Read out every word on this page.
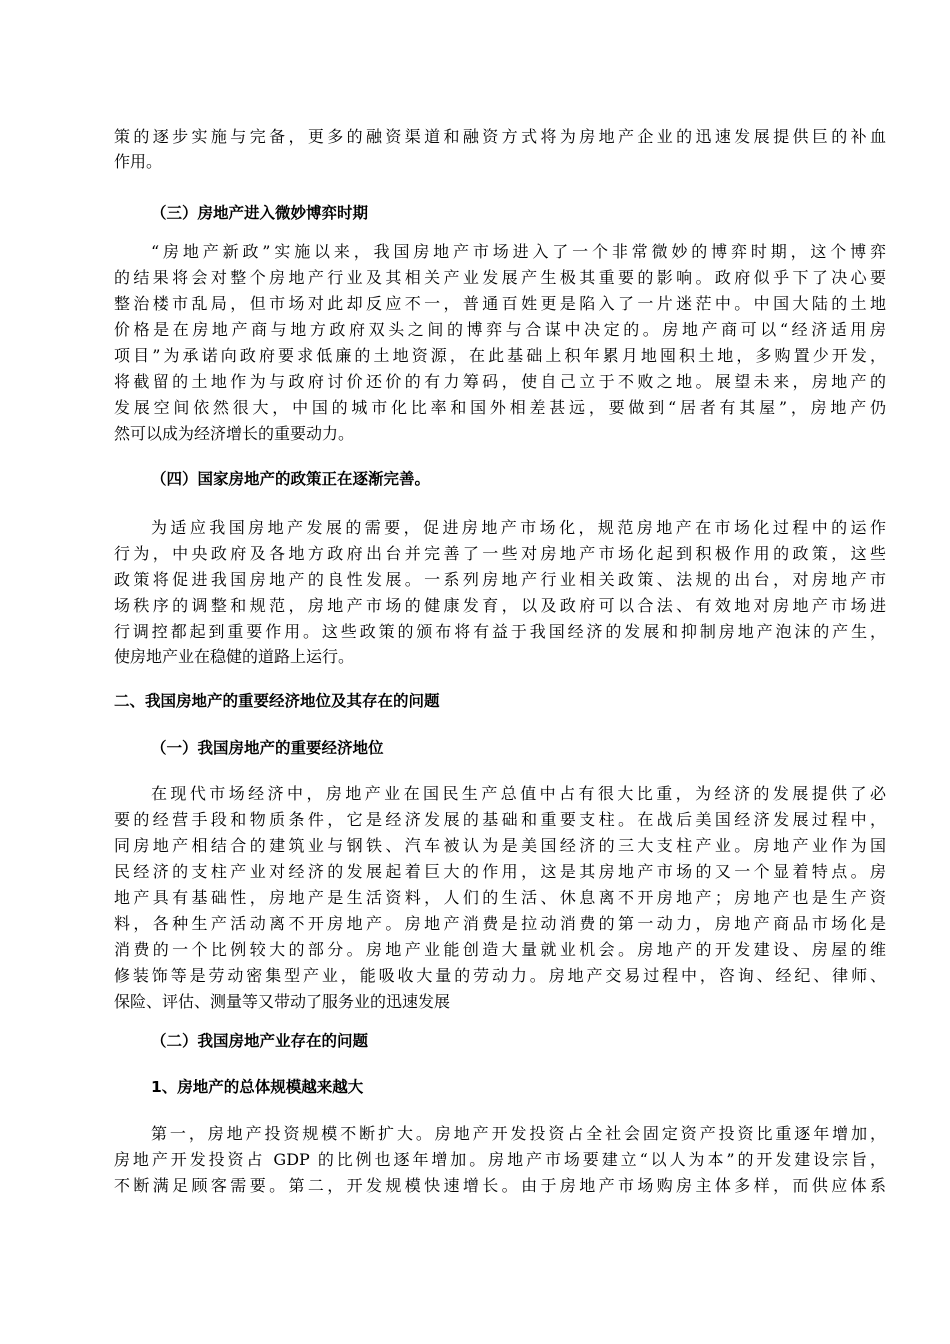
策的逐步实施与完备，更多的融资渠道和融资方式将为房地产企业的迅速发展提供巨的补血

作用。

（三）房地产进入微妙博弈时期

“房地产新政”实施以来，我国房地产市场进入了一个非常微妙的博弈时期，这个博弈

的结果将会对整个房地产行业及其相关产业发展产生极其重要的影响。政府似乎下了决心要

整治楼市乱局，但市场对此却反应不一，普通百姓更是陷入了一片迷茫中。中国大陆的土地

价格是在房地产商与地方政府双头之间的博弈与合谋中决定的。房地产商可以“经济适用房

项目”为承诺向政府要求低廉的土地资源，在此基础上积年累月地囤积土地，多购置少开发，

将截留的土地作为与政府讨价还价的有力筹码，使自己立于不败之地。展望未来，房地产的

发展空间依然很大，中国的城市化比率和国外相差甚远，要做到“居者有其屋”，房地产仍

然可以成为经济增长的重要动力。

（四）国家房地产的政策正在逐渐完善。

为适应我国房地产发展的需要，促进房地产市场化，规范房地产在市场化过程中的运作

行为，中央政府及各地方政府出台并完善了一些对房地产市场化起到积极作用的政策，这些

政策将促进我国房地产的良性发展。一系列房地产行业相关政策、法规的出台，对房地产市

场秩序的调整和规范，房地产市场的健康发育，以及政府可以合法、有效地对房地产市场进

行调控都起到重要作用。这些政策的颁布将有益于我国经济的发展和抑制房地产泡沫的产生，

使房地产业在稳健的道路上运行。

二、我国房地产的重要经济地位及其存在的问题

（一）我国房地产的重要经济地位

在现代市场经济中，房地产业在国民生产总值中占有很大比重，为经济的发展提供了必

要的经营手段和物质条件，它是经济发展的基础和重要支柱。在战后美国经济发展过程中，

同房地产相结合的建筑业与钢铁、汽车被认为是美国经济的三大支柱产业。房地产业作为国

民经济的支柱产业对经济的发展起着巨大的作用，这是其房地产市场的又一个显着特点。房

地产具有基础性，房地产是生活资料，人们的生活、休息离不开房地产；房地产也是生产资

料，各种生产活动离不开房地产。房地产消费是拉动消费的第一动力，房地产商品市场化是

消费的一个比例较大的部分。房地产业能创造大量就业机会。房地产的开发建设、房屋的维

修装饰等是劳动密集型产业，能吸收大量的劳动力。房地产交易过程中，咨询、经纪、律师、

保险、评估、测量等又带动了服务业的迅速发展

（二）我国房地产业存在的问题

1、房地产的总体规模越来越大

第一，房地产投资规模不断扩大。房地产开发投资占全社会固定资产投资比重逐年增加，

房地产开发投资占 GDP 的比例也逐年增加。房地产市场要建立“以人为本”的开发建设宗旨，

不断满足顾客需要。第二，开发规模快速增长。由于房地产市场购房主体多样，而供应体系
